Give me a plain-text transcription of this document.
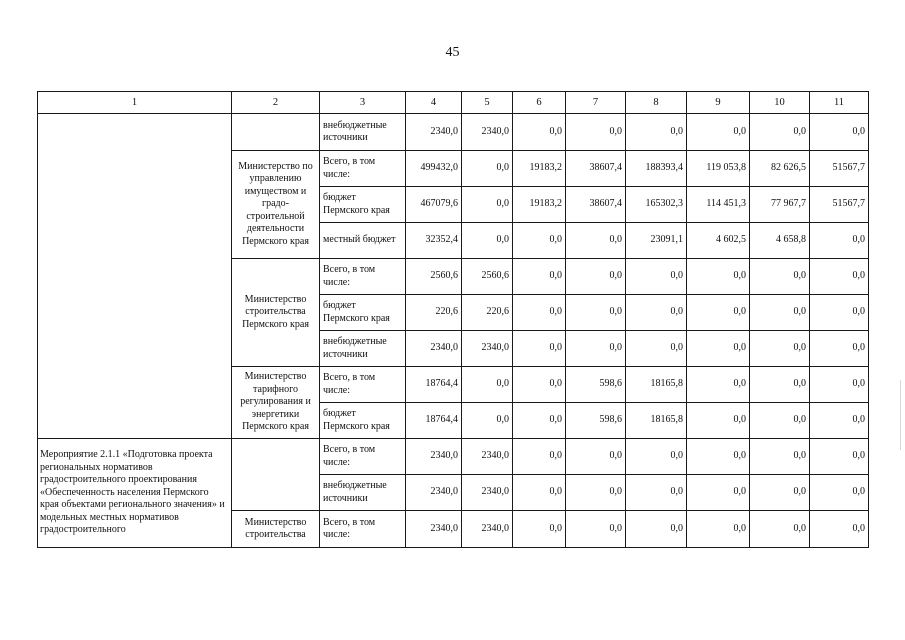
45
1	2	3	4	5	6	7	8	9	10	11
		внебюджетные источники	2340,0	2340,0	0,0	0,0	0,0	0,0	0,0	0,0
	Министерство по управлению имуществом и градо-строительной деятельности Пермского края	Всего, в том числе:	499432,0	0,0	19183,2	38607,4	188393,4	119 053,8	82 626,5	51567,7
		бюджет Пермского края	467079,6	0,0	19183,2	38607,4	165302,3	114 451,3	77 967,7	51567,7
		местный бюджет	32352,4	0,0	0,0	0,0	23091,1	4 602,5	4 658,8	0,0
	Министерство строительства Пермского края	Всего, в том числе:	2560,6	2560,6	0,0	0,0	0,0	0,0	0,0	0,0
		бюджет Пермского края	220,6	220,6	0,0	0,0	0,0	0,0	0,0	0,0
		внебюджетные источники	2340,0	2340,0	0,0	0,0	0,0	0,0	0,0	0,0
	Министерство тарифного регулирования и энергетики Пермского края	Всего, в том числе:	18764,4	0,0	0,0	598,6	18165,8	0,0	0,0	0,0
		бюджет Пермского края	18764,4	0,0	0,0	598,6	18165,8	0,0	0,0	0,0
Мероприятие 2.1.1 «Подготовка проекта региональных нормативов градостроительного проектирования «Обеспеченность населения Пермского края объектами регионального значения» и модельных местных нормативов градостроительного		Всего, в том числе:	2340,0	2340,0	0,0	0,0	0,0	0,0	0,0	0,0
		внебюджетные источники	2340,0	2340,0	0,0	0,0	0,0	0,0	0,0	0,0
	Министерство строительства	Всего, в том числе:	2340,0	2340,0	0,0	0,0	0,0	0,0	0,0	0,0
